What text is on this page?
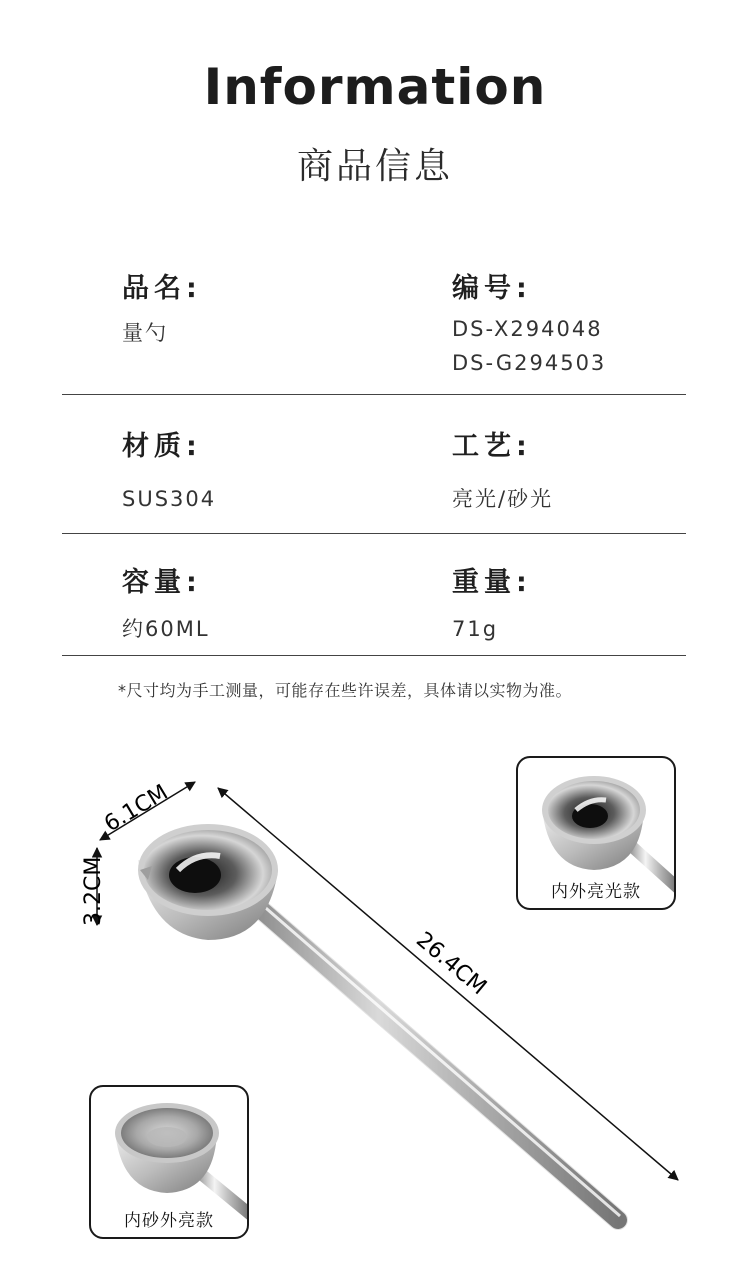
Information
商品信息
品名:
量勺
编号:
DS-X294048
DS-G294503
材质:
SUS304
工艺:
亮光/砂光
容量:
约60ML
重量:
71g
*尺寸均为手工测量，可能存在些许误差，具体请以实物为准。
6.1CM
3.2CM
26.4CM
内外亮光款
内砂外亮款
